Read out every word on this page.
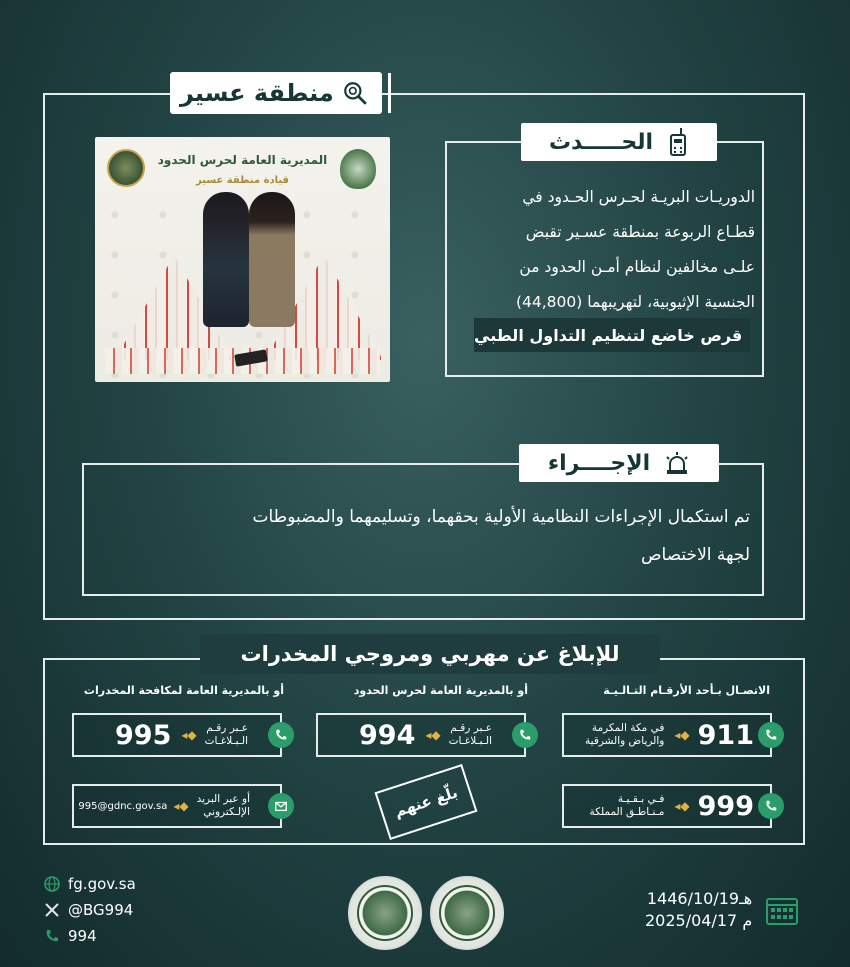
منطقة عسير
المديرية العامة لحرس الحدود
قيادة منطقة عسير
الحـــــدث
الدوريـات البريـة لحـرس الحـدود في
قطـاع الربوعة بمنطقة عسـير تقبض
علـى مخالفين لنظام أمـن الحدود من
الجنسية الإثيوبية، لتهريبهما (44,800)
قرص خاضع لتنظيم التداول الطبي
الإجــــراء
تم استكمال الإجراءات النظامية الأولية بحقهما، وتسليمهما والمضبوطات
لجهة الاختصاص
للإبلاغ عن مهربي ومروجي المخدرات
الاتصـال بـأحد الأرقـام التـالـيـة
أو بالمديرية العامة لحرس الحدود
أو بالمديرية العامة لمكافحة المخدرات
911
◆◂
في مكة المكرمة
والرياض والشرقية
999
◆◂
فـي بـقـيـة
مـنـاطـق المملكة
عـبر رقـم
الـبـلاغـات
◆◂
994
عـبر رقـم
الـبـلاغـات
◆◂
995
أو عبر البريد
الإلـكتروني
◆◂
995@gdnc.gov.sa	بلّغ عنهم
fg.gov.sa
@BG994
994
1446/10/19هـ
2025/04/17 م
